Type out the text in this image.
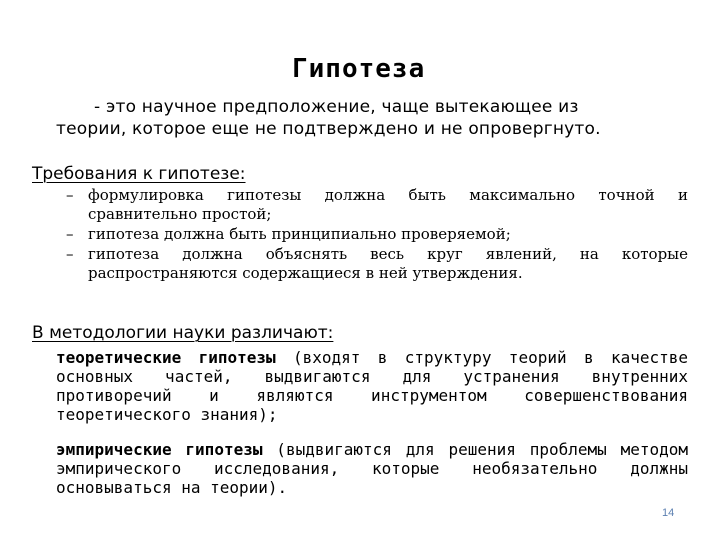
Гипотеза
- это научное предположение, чаще вытекающее из
теории, которое еще не подтверждено и не опровергнуто.
Требования к гипотезе:
– формулировка гипотезы должна быть максимально точной и сравнительно простой;
– гипотеза должна быть принципиально проверяемой;
– гипотеза должна объяснять весь круг явлений, на которые распространяются содержащиеся в ней утверждения.
В методологии науки различают:
теоретические гипотезы (входят в структуру теорий в качестве основных частей, выдвигаются для устранения внутренних противоречий и являются инструментом совершенствования теоретического знания);
эмпирические гипотезы (выдвигаются для решения проблемы методом эмпирического исследования, которые необязательно должны основываться на теории).
14
